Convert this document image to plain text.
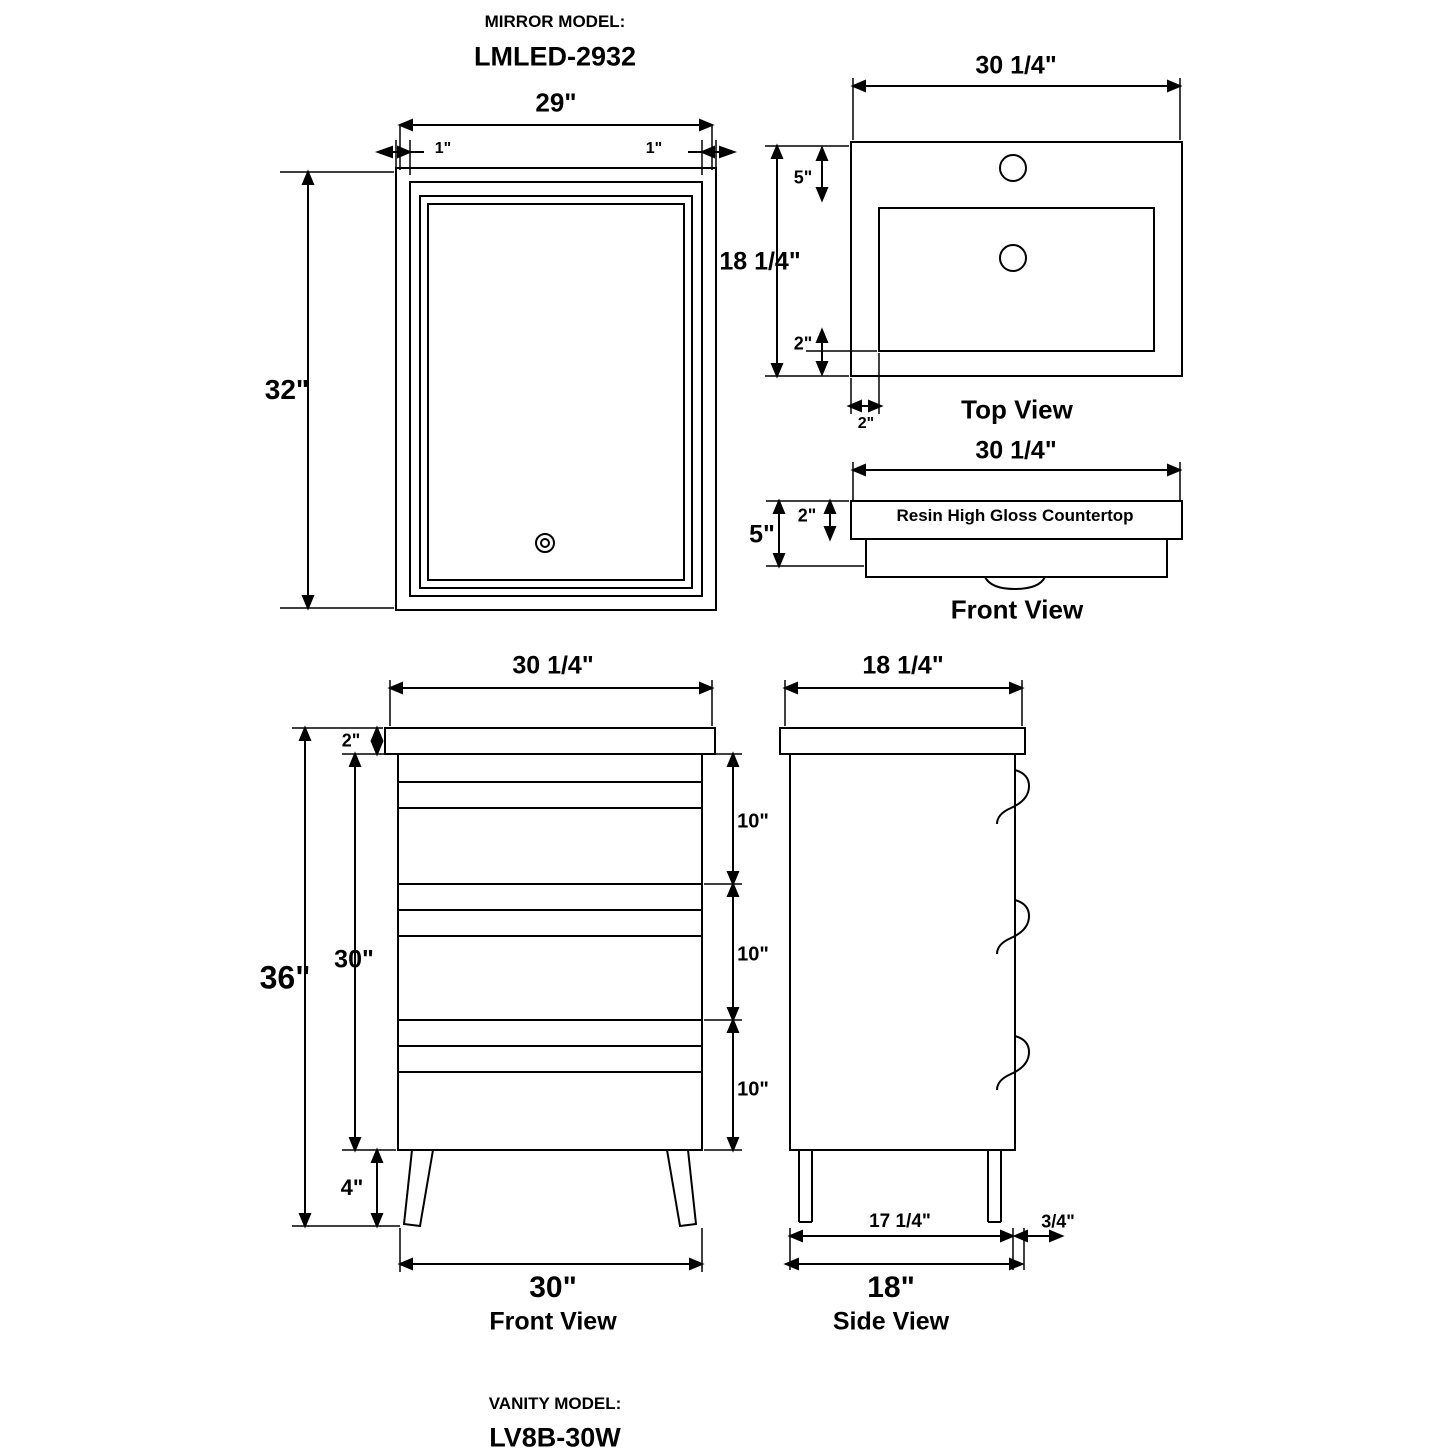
MIRROR MODEL:
LMLED-2932
29"
1"	1"
32"
30 1/4"
18 1/4"
5"
2"
2"	Top View
30 1/4"
2"
5"
Resin High Gloss Countertop
Front View
30 1/4"
30"
36" 30"
2"
4"
10"
10"
10"
Front View
18 1/4"
17 1/4"	3/4"
18"
Side View
VANITY MODEL:
LV8B-30W
